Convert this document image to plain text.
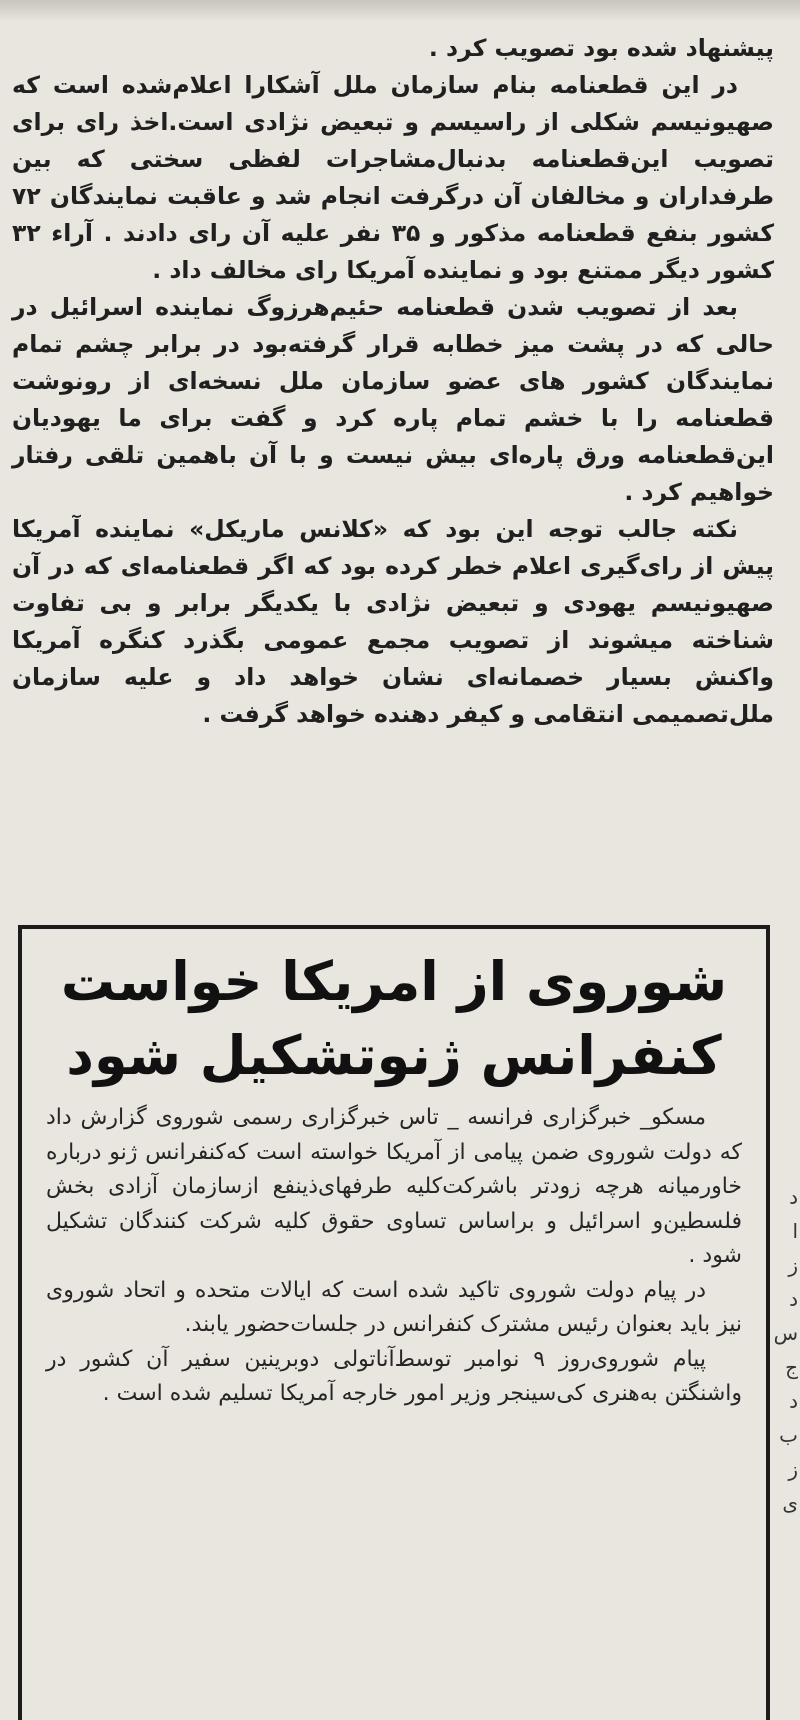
پیشنهاد شده بود تصویب کرد .

در این قطعنامه بنام سازمان ملل آشکارا اعلام‌شده است که صهیونیسم شکلی از راسیسم و تبعیض نژادی است.اخذ رای برای تصویب این‌قطعنامه بدنبال‌مشاجرات لفظی سختی که بین طرفداران و مخالفان آن درگرفت انجام شد و عاقبت نمایندگان ۷۲ کشور بنفع قطعنامه مذکور و ۳۵ نفر علیه آن رای دادند . آراء ۳۲ کشور دیگر ممتنع بود و نماینده آمریکا رای مخالف داد .

بعد از تصویب شدن قطعنامه حئیم‌هرزوگ نماینده اسرائیل در حالی که در پشت میز خطابه قرار گرفته‌بود در برابر چشم تمام نمایندگان کشور های عضو سازمان ملل نسخه‌ای از رونوشت قطعنامه را با خشم تمام پاره کرد و گفت برای ما یهودیان این‌قطعنامه ورق پاره‌ای بیش نیست و با آن باهمین تلقی رفتار خواهیم کرد .

نکته جالب توجه این بود که «کلانس ماریکل» نماینده آمریکا پیش از رای‌گیری اعلام خطر کرده بود که اگر قطعنامه‌ای که در آن صهیونیسم یهودی و تبعیض نژادی با یکدیگر برابر و بی تفاوت شناخته میشوند از تصویب مجمع عمومی بگذرد کنگره آمریکا واکنش بسیار خصمانه‌ای نشان خواهد داد و علیه سازمان ملل‌تصمیمی انتقامی و کیفر دهنده خواهد گرفت .

شوروی از امریکا خواست
کنفرانس ژنوتشکیل شود

مسکو_ خبرگزاری فرانسه _ تاس خبرگزاری رسمی شوروی گزارش داد که دولت شوروی ضمن پیامی از آمریکا خواسته است کەکنفرانس ژنو درباره خاورمیانه هرچه زودتر باشرکت‌کلیه طرفهای‌ذینفع ازسازمان آزادی بخش فلسطین‌و اسرائیل و براساس تساوی حقوق کلیه شرکت کنندگان تشکیل شود .

در پیام دولت شوروی تاکید شده است که ایالات متحده و اتحاد شوروی نیز باید بعنوان رئیس مشترک کنفرانس در جلسات‌حضور یابند.

پیام شوروی‌روز ۹ نوامبر توسط‌آناتولی دوبرینین سفیر آن کشور در واشنگتن بەهنری کی‌سینجر وزیر امور خارجه آمریکا تسلیم شده است .

د
ا
ز
د
س
ج
د
ب
ز
ی
